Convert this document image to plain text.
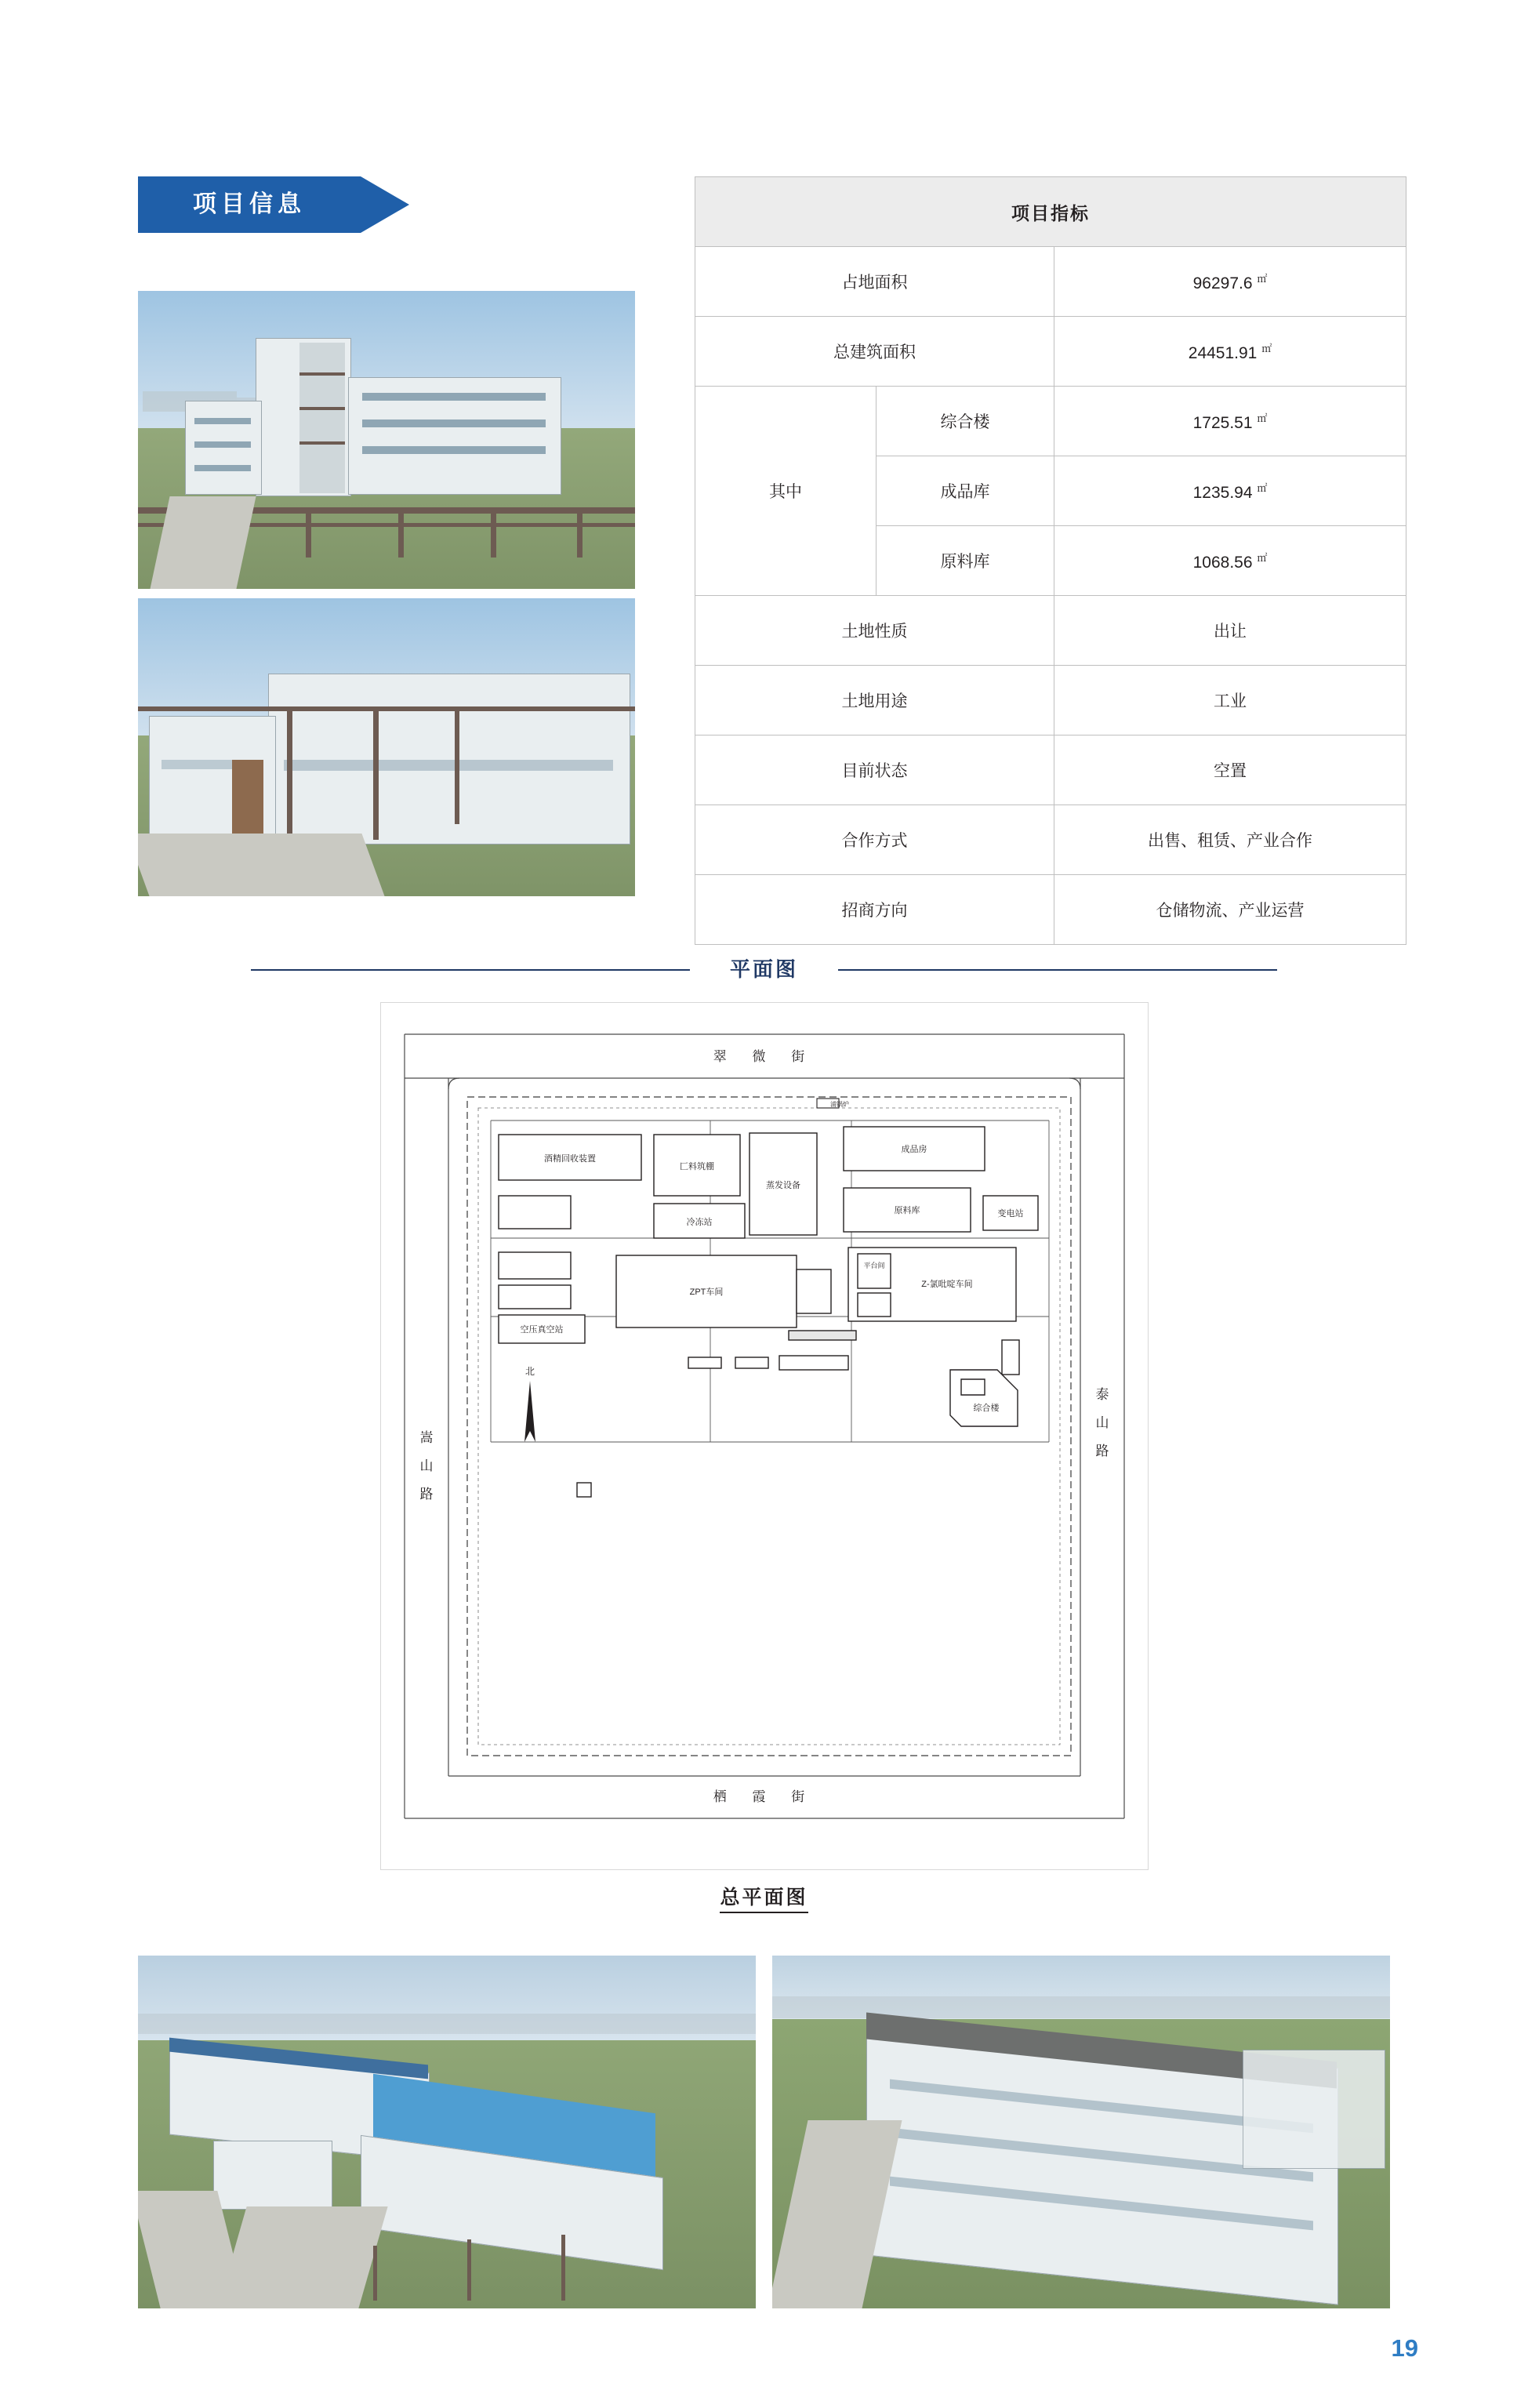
项目信息	项目指标		
占地面积		96297.6 ㎡
总建筑面积		24451.91 ㎡
其中	综合楼	1725.51 ㎡
	成品库	1235.94 ㎡
	原料库	1068.56 ㎡
土地性质		出让
土地用途		工业
目前状态		空置
合作方式		出售、租赁、产业合作
招商方向		仓储物流、产业运营
平面图
翠 微 街
栖 霞 街
嵩山路
泰山路
酒精回收装置
匚料筑棚
蒸发设备
成品房
冷冻站
原料库	变电站
空压真空站
ZPT车间
平台间
Z-氯吡啶车间
综合楼
浦锅炉
北
总平面图
19
